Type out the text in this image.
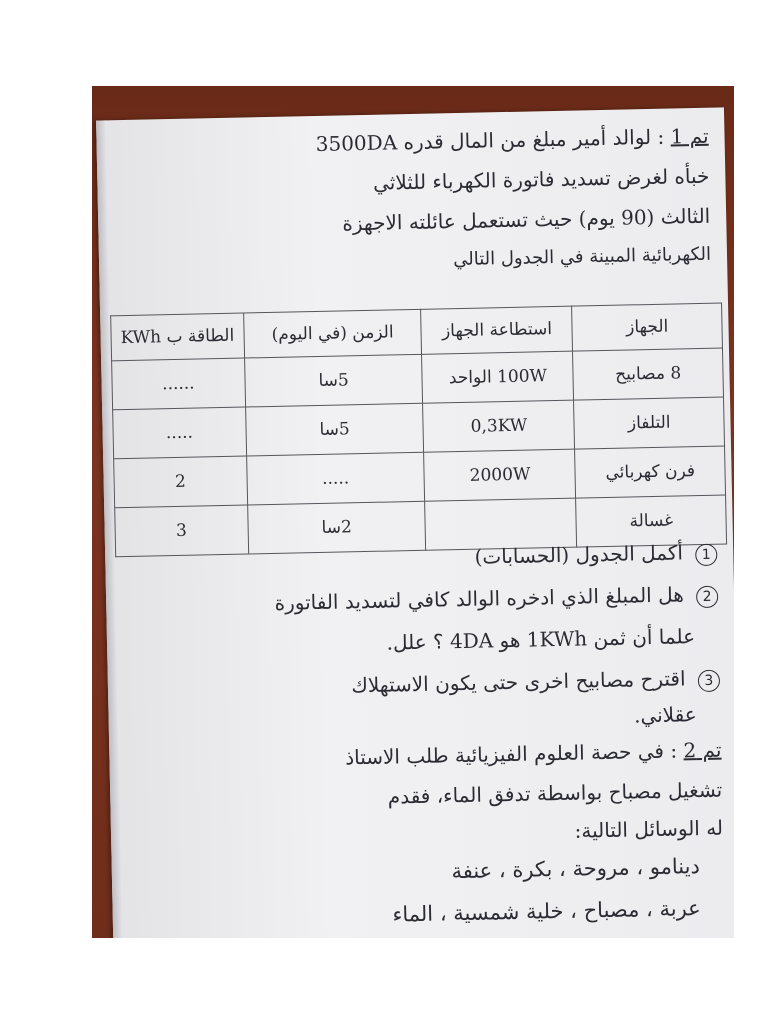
تم 1 : لوالد أمير مبلغ من المال قدره 3500DA
خبأه لغرض تسديد فاتورة الكهرباء للثلاثي
الثالث (90 يوم) حيث تستعمل عائلته الاجهزة
الكهربائية المبينة في الجدول التالي
الجهاز	استطاعة الجهاز	الزمن (في اليوم)	الطاقة ب KWh
8 مصابيح	100W الواحد	5سا	......
التلفاز	0,3KW	5سا	.....
فرن كهربائي	2000W	.....	2
غسالة		2سا	3
1 أكمل الجدول (الحسابات)
2 هل المبلغ الذي ادخره الوالد كافي لتسديد الفاتورة
علما أن ثمن 1KWh هو 4DA ؟ علل.
3 اقترح مصابيح اخرى حتى يكون الاستهلاك
عقلاني.
تم 2 : في حصة العلوم الفيزيائية طلب الاستاذ
تشغيل مصباح بواسطة تدفق الماء، فقدم
له الوسائل التالية:
دينامو ، مروحة ، بكرة ، عنفة
عربة ، مصباح ، خلية شمسية ، الماء
